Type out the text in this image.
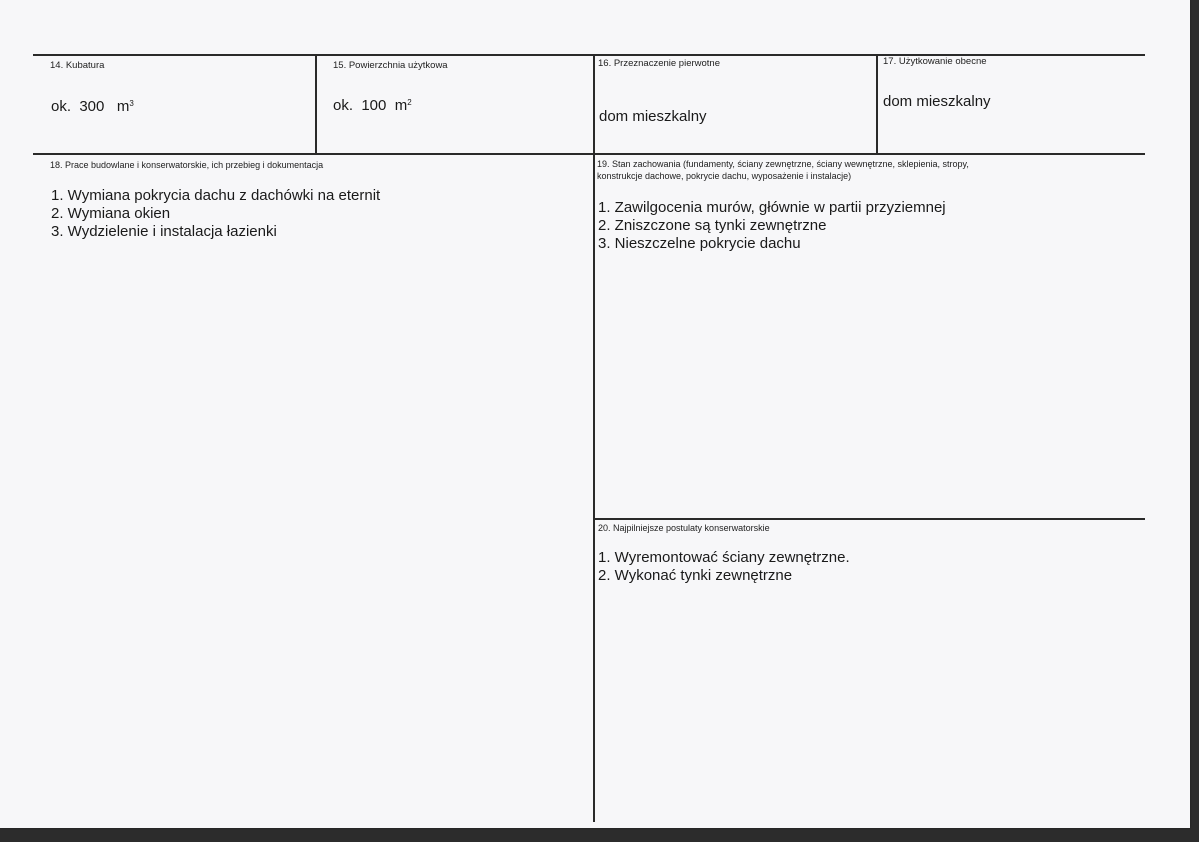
14. Kubatura
ok.  300   $m^3$
15. Powierzchnia użytkowa
ok.  100  $m^2$
16. Przeznaczenie pierwotne
dom mieszkalny
17. Użytkowanie obecne
dom mieszkalny
18. Prace budowlane i konserwatorskie, ich przebieg i dokumentacja
1. Wymiana pokrycia dachu z dachówki na eternit
2. Wymiana okien
3. Wydzielenie i instalacja łazienki
19. Stan zachowania (fundamenty, ściany zewnętrzne, ściany wewnętrzne, sklepienia, stropy,
konstrukcje dachowe, pokrycie dachu, wyposażenie i instalacje)
1. Zawilgocenia murów, głównie w partii przyziemnej
2. Zniszczone są tynki zewnętrzne
3. Nieszczelne pokrycie dachu
20. Najpilniejsze postulaty konserwatorskie
1. Wyremontować ściany zewnętrzne.
2. Wykonać tynki zewnętrzne
